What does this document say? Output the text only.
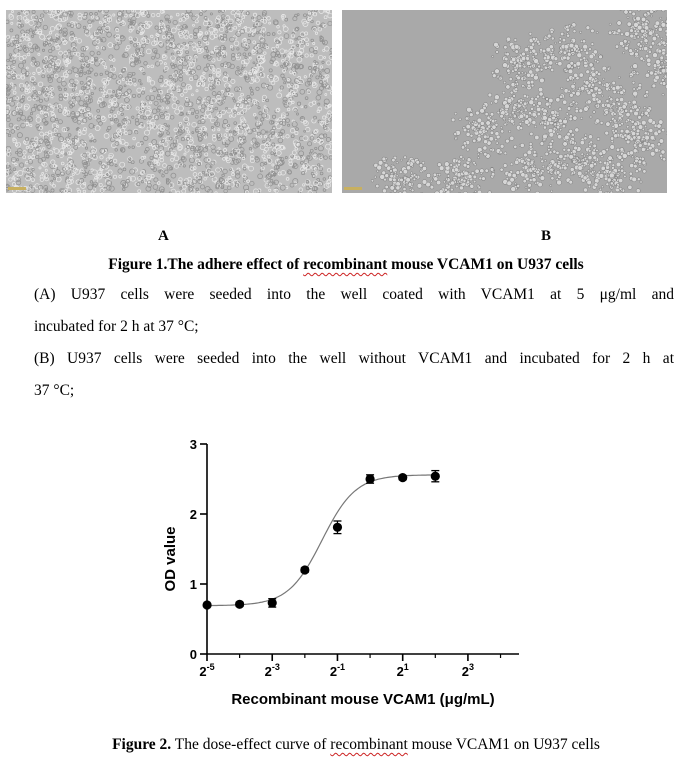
A	B
Figure 1.The adhere effect of recombinant mouse VCAM1 on U937 cells
(A) U937 cells were seeded into the well coated with VCAM1 at 5 μg/ml and
incubated for 2 h at 37 °C;
(B) U937 cells were seeded into the well without VCAM1 and incubated for 2 h at
37 °C;
0
1
2
3
$2^{-5}$	$2^{-3}$	$2^{-1}$	$2^1$	$2^3$
Recombinant mouse VCAM1 (μg/mL)
OD value
Figure 2. The dose-effect curve of recombinant mouse VCAM1 on U937 cells
